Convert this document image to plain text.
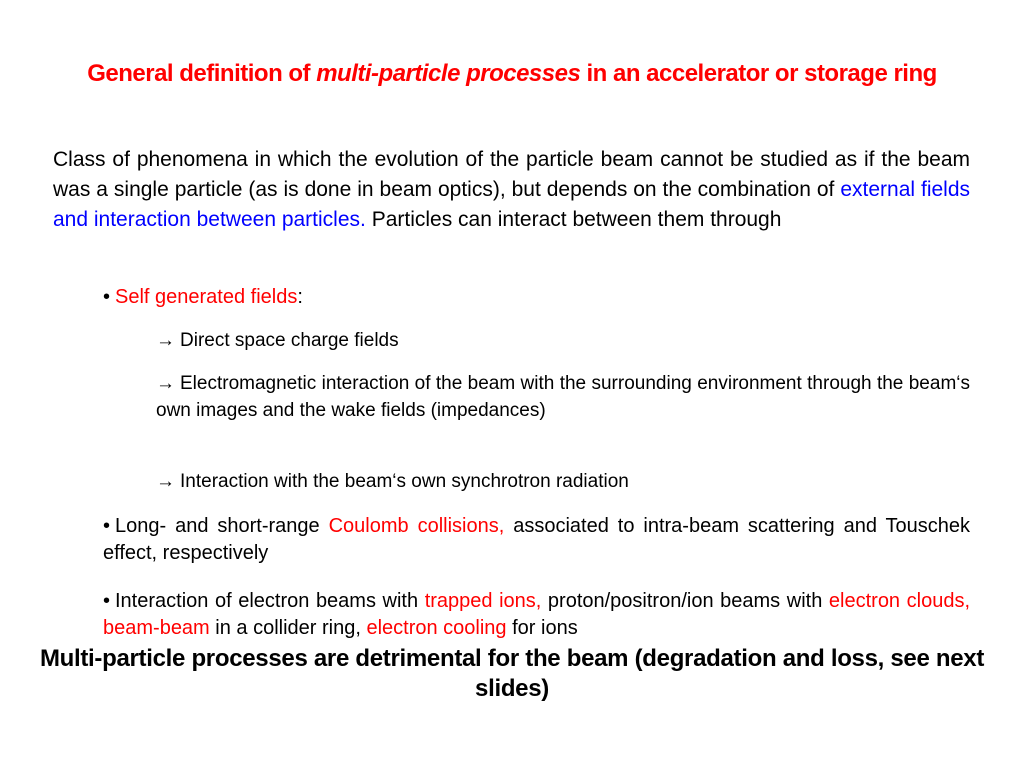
General definition of multi-particle processes in an accelerator or storage ring
Class of phenomena in which the evolution of the particle beam cannot be studied as if the beam was a single particle (as is done in beam optics), but depends on the combination of external fields and interaction between particles. Particles can interact between them through
• Self generated fields:
→ Direct space charge fields
→ Electromagnetic interaction of the beam with the surrounding environment through the beam‘s own images and the wake fields (impedances)
→ Interaction with the beam‘s own synchrotron radiation
• Long- and short-range Coulomb collisions, associated to intra-beam scattering and Touschek effect, respectively
• Interaction of electron beams with trapped ions, proton/positron/ion beams with electron clouds, beam-beam in a collider ring, electron cooling for ions
Multi-particle processes are detrimental for the beam (degradation and loss, see next slides)
